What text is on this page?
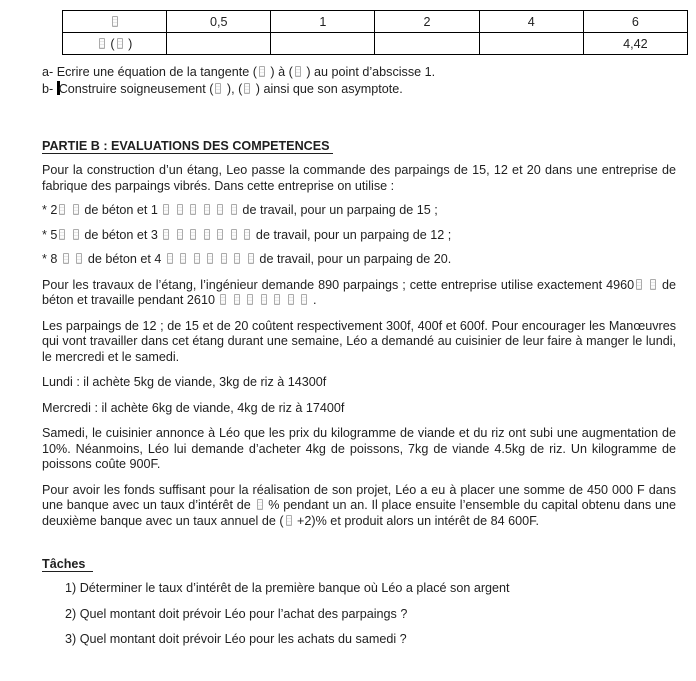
	0,5	1	2	4	6
( )					4,42

a- Ecrire une équation de la tangente ( ) à ( ) au point d’abscisse 1.

b- Construire soigneusement ( ), ( ) ainsi que son asymptote.

PARTIE B : EVALUATIONS DES COMPETENCES

Pour la construction d’un étang, Leo passe la commande des parpaings de 15, 12 et 20 dans une entreprise de fabrique des parpaings vibrés. Dans cette entreprise on utilise :

* 2  de béton et 1	de travail, pour un parpaing de 15 ;

* 5  de béton et 3	de travail, pour un parpaing de 12 ;

* 8   de béton et 4	de travail, pour un parpaing de 20.

Pour les travaux de l’étang, l’ingénieur demande 890 parpaings ; cette entreprise utilise exactement 4960  de béton et travaille pendant 2610	.

Les parpaings de 12 ; de 15 et de 20 coûtent respectivement 300f, 400f et 600f. Pour encourager les Manœuvres qui vont travailler dans cet étang durant une semaine, Léo a demandé au cuisinier de leur faire à manger le lundi, le mercredi et le samedi.

Lundi : il achète 5kg de viande, 3kg de riz à 14300f

Mercredi : il achète 6kg de viande, 4kg de riz à 17400f

Samedi, le cuisinier annonce à Léo que les prix du kilogramme de viande et du riz ont subi une augmentation de 10%. Néanmoins, Léo lui demande d’acheter 4kg de poissons, 7kg de viande 4.5kg de riz. Un kilogramme de poissons coûte 900F.

Pour avoir les fonds suffisant pour la réalisation de son projet, Léo a eu à placer une somme de 450 000 F dans une banque avec un taux d’intérêt de  % pendant un an. Il place ensuite l’ensemble du capital obtenu dans une deuxième banque avec un taux annuel de ( +2)% et produit alors un intérêt de 84 600F.

Tâches

1) Déterminer le taux d’intérêt de la première banque où Léo a placé son argent

2) Quel montant doit prévoir Léo pour l’achat des parpaings ?

3) Quel montant doit prévoir Léo pour les achats du samedi ?
